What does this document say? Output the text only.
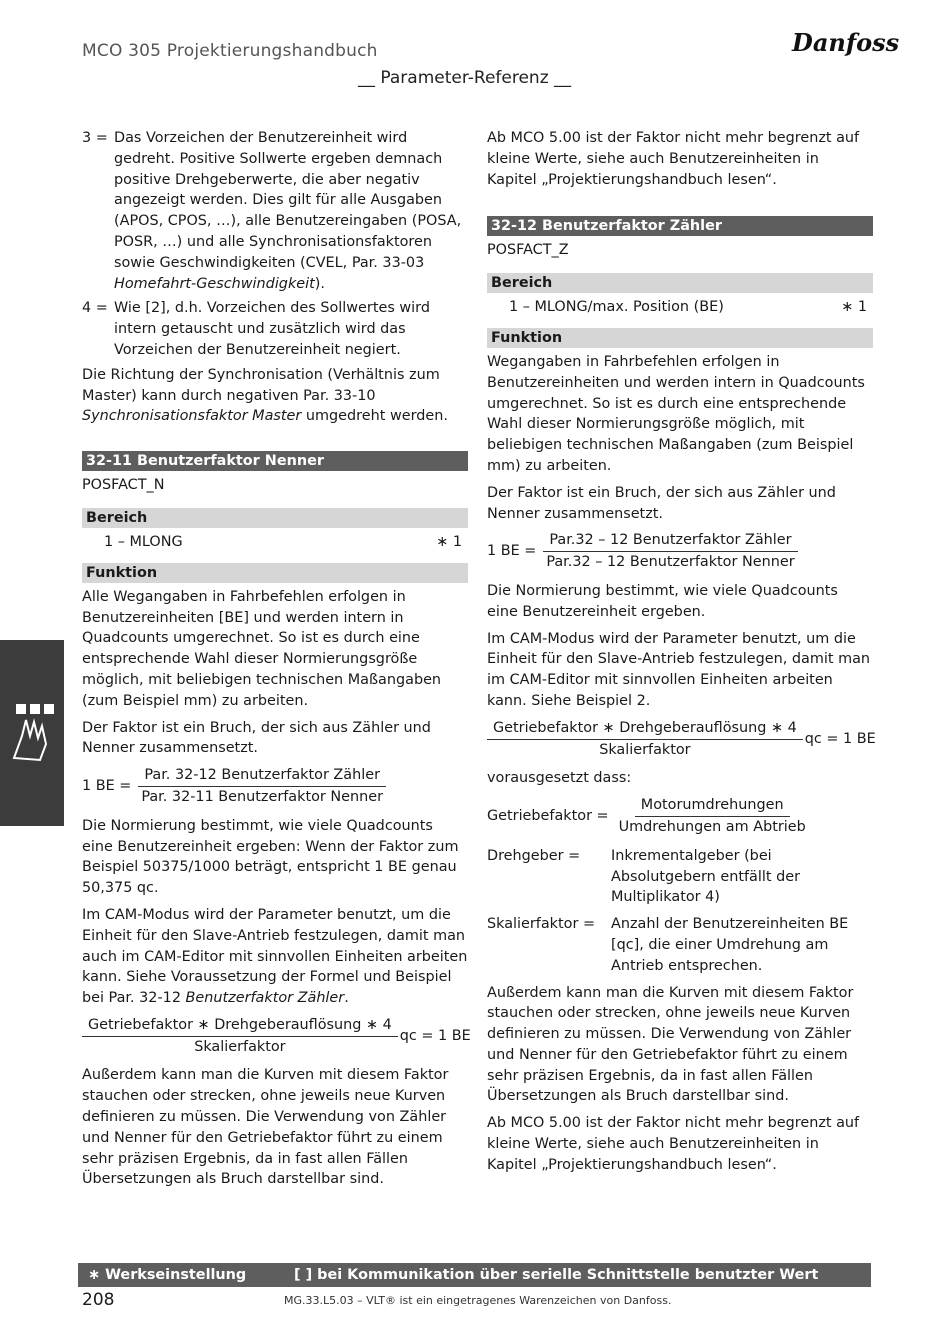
MCO 305 Projektierungshandbuch
__ Parameter-Referenz __
Danfoss
3 = Das Vorzeichen der Benutzereinheit wird gedreht. Positive Sollwerte ergeben demnach positive Drehgeberwerte, die aber negativ angezeigt werden. Dies gilt für alle Ausgaben (APOS, CPOS, …), alle Benutzereingaben (POSA, POSR, …) und alle Synchronisationsfaktoren sowie Geschwindigkeiten (CVEL, Par. 33-03 Homefahrt-Geschwindigkeit).
4 = Wie [2], d.h. Vorzeichen des Sollwertes wird intern getauscht und zusätzlich wird das Vorzeichen der Benutzereinheit negiert.

Die Richtung der Synchronisation (Verhältnis zum Master) kann durch negativen Par. 33-10 Synchronisationsfaktor Master umgedreht werden.

32-11 Benutzerfaktor Nenner

POSFACT_N

Bereich
1 – MLONG	∗ 1
Funktion

Alle Wegangaben in Fahrbefehlen erfolgen in Benutzereinheiten [BE] und werden intern in Quadcounts umgerechnet. So ist es durch eine entsprechende Wahl dieser Normierungsgröße möglich, mit beliebigen technischen Maßangaben (zum Beispiel mm) zu arbeiten.

Der Faktor ist ein Bruch, der sich aus Zähler und Nenner zusammensetzt.

1 BE = $\frac{\text{Par. 32-12 Benutzerfaktor Zähler}}{\text{Par. 32-11 Benutzerfaktor Nenner}}$

Die Normierung bestimmt, wie viele Quadcounts eine Benutzereinheit ergeben: Wenn der Faktor zum Beispiel 50375/1000 beträgt, entspricht 1 BE genau 50,375 qc.

Im CAM-Modus wird der Parameter benutzt, um die Einheit für den Slave-Antrieb festzulegen, damit man auch im CAM-Editor mit sinnvollen Einheiten arbeiten kann. Siehe Voraussetzung der Formel und Beispiel bei Par. 32-12 Benutzerfaktor Zähler.

$\frac{\text{Getriebefaktor ∗ Drehgeberauflösung ∗ 4}}{\text{Skalierfaktor}}$ qc = 1 BE

Außerdem kann man die Kurven mit diesem Faktor stauchen oder strecken, ohne jeweils neue Kurven definieren zu müssen. Die Verwendung von Zähler und Nenner für den Getriebefaktor führt zu einem sehr präzisen Ergebnis, da in fast allen Fällen Übersetzungen als Bruch darstellbar sind.

Ab MCO 5.00 ist der Faktor nicht mehr begrenzt auf kleine Werte, siehe auch Benutzereinheiten in Kapitel „Projektierungshandbuch lesen“.

32-12 Benutzerfaktor Zähler

POSFACT_Z

Bereich
1 – MLONG/max. Position (BE)	∗ 1
Funktion

Wegangaben in Fahrbefehlen erfolgen in Benutzereinheiten und werden intern in Quadcounts umgerechnet. So ist es durch eine entsprechende Wahl dieser Normierungsgröße möglich, mit beliebigen technischen Maßangaben (zum Beispiel mm) zu arbeiten.

Der Faktor ist ein Bruch, der sich aus Zähler und Nenner zusammensetzt.

1 BE = $\frac{\text{Par.32 – 12 Benutzerfaktor Zähler}}{\text{Par.32 – 12 Benutzerfaktor Nenner}}$

Die Normierung bestimmt, wie viele Quadcounts eine Benutzereinheit ergeben.

Im CAM-Modus wird der Parameter benutzt, um die Einheit für den Slave-Antrieb festzulegen, damit man im CAM-Editor mit sinnvollen Einheiten arbeiten kann. Siehe Beispiel 2.

$\frac{\text{Getriebefaktor ∗ Drehgeberauflösung ∗ 4}}{\text{Skalierfaktor}}$ qc = 1 BE

vorausgesetzt dass:

Getriebefaktor = $\frac{\text{Motorumdrehungen}}{\text{Umdrehungen am Abtrieb}}$
Drehgeber =	Inkrementalgeber (bei Absolutgebern entfällt der Multiplikator 4)
Skalierfaktor =	Anzahl der Benutzereinheiten BE [qc], die einer Umdrehung am Antrieb entsprechen.

Außerdem kann man die Kurven mit diesem Faktor stauchen oder strecken, ohne jeweils neue Kurven definieren zu müssen. Die Verwendung von Zähler und Nenner für den Getriebefaktor führt zu einem sehr präzisen Ergebnis, da in fast allen Fällen Übersetzungen als Bruch darstellbar sind.

Ab MCO 5.00 ist der Faktor nicht mehr begrenzt auf kleine Werte, siehe auch Benutzereinheiten in Kapitel „Projektierungshandbuch lesen“.

∗ Werkseinstellung	[ ] bei Kommunikation über serielle Schnittstelle benutzter Wert
208	MG.33.L5.03 – VLT® ist ein eingetragenes Warenzeichen von Danfoss.
